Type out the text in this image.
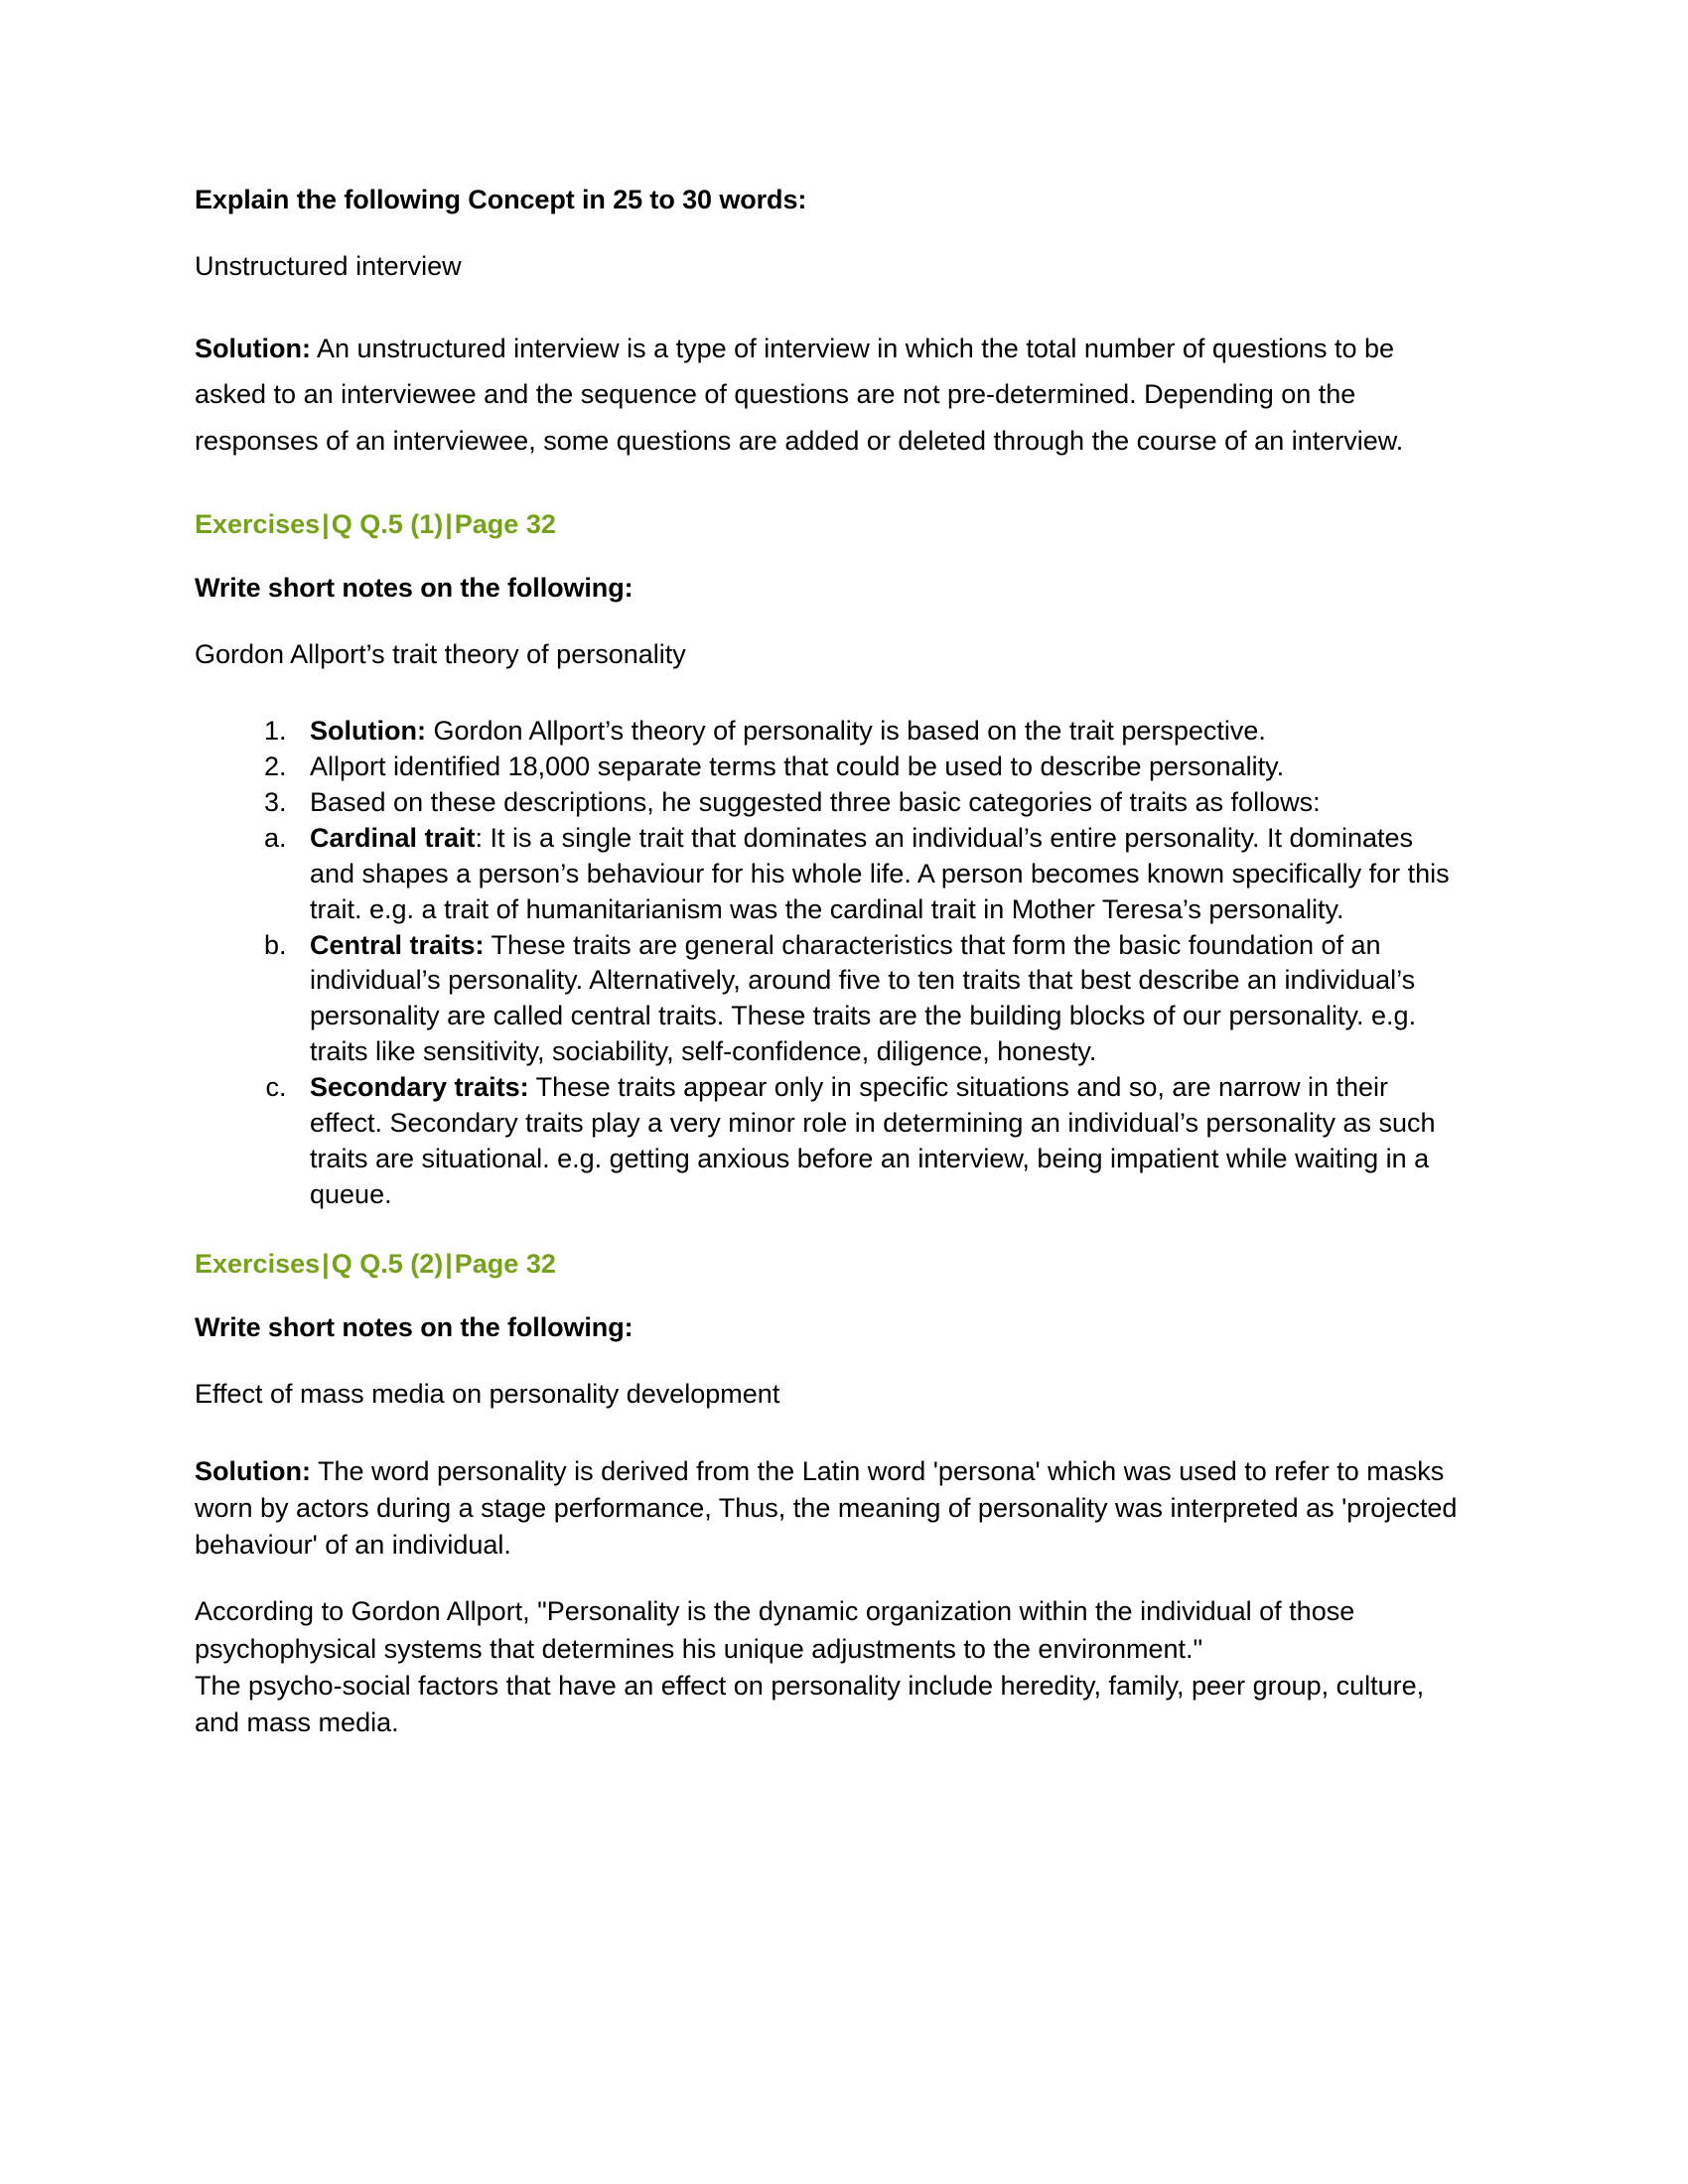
Explain the following Concept in 25 to 30 words:

Unstructured interview

Solution: An unstructured interview is a type of interview in which the total number of questions to be asked to an interviewee and the sequence of questions are not pre-determined. Depending on the responses of an interviewee, some questions are added or deleted through the course of an interview.

Exercises|Q Q.5 (1)|Page 32

Write short notes on the following:

Gordon Allport’s trait theory of personality

1. Solution: Gordon Allport’s theory of personality is based on the trait perspective.
2. Allport identified 18,000 separate terms that could be used to describe personality.
3. Based on these descriptions, he suggested three basic categories of traits as follows:
a. Cardinal trait: It is a single trait that dominates an individual’s entire personality. It dominates and shapes a person’s behaviour for his whole life. A person becomes known specifically for this trait. e.g. a trait of humanitarianism was the cardinal trait in Mother Teresa’s personality.
b. Central traits: These traits are general characteristics that form the basic foundation of an individual’s personality. Alternatively, around five to ten traits that best describe an individual’s personality are called central traits. These traits are the building blocks of our personality. e.g. traits like sensitivity, sociability, self-confidence, diligence, honesty.
c. Secondary traits: These traits appear only in specific situations and so, are narrow in their effect. Secondary traits play a very minor role in determining an individual’s personality as such traits are situational. e.g. getting anxious before an interview, being impatient while waiting in a queue.

Exercises|Q Q.5 (2)|Page 32

Write short notes on the following:

Effect of mass media on personality development

Solution: The word personality is derived from the Latin word 'persona' which was used to refer to masks worn by actors during a stage performance, Thus, the meaning of personality was interpreted as 'projected behaviour' of an individual.

According to Gordon Allport, "Personality is the dynamic organization within the individual of those psychophysical systems that determines his unique adjustments to the environment."

The psycho-social factors that have an effect on personality include heredity, family, peer group, culture, and mass media.
